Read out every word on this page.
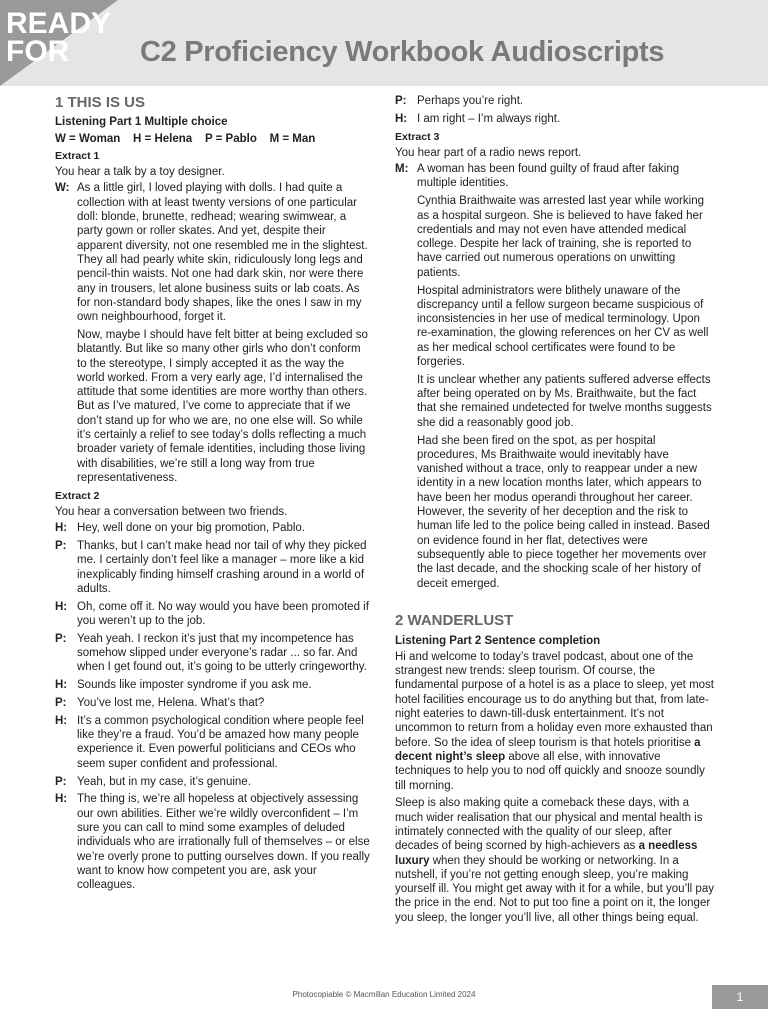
READY
FOR	C2 Proficiency Workbook Audioscripts
1 THIS IS US
Listening Part 1 Multiple choice
W = Woman    H = Helena    P = Pablo    M = Man
Extract 1
You hear a talk by a toy designer.
W: As a little girl, I loved playing with dolls. I had quite a collection with at least twenty versions of one particular doll: blonde, brunette, redhead; wearing swimwear, a party gown or roller skates. And yet, despite their apparent diversity, not one resembled me in the slightest. They all had pearly white skin, ridiculously long legs and pencil-thin waists. Not one had dark skin, nor were there any in trousers, let alone business suits or lab coats. As for non-standard body shapes, like the ones I saw in my own neighbourhood, forget it.
Now, maybe I should have felt bitter at being excluded so blatantly. But like so many other girls who don’t conform to the stereotype, I simply accepted it as the way the world worked. From a very early age, I’d internalised the attitude that some identities are more worthy than others. But as I’ve matured, I’ve come to appreciate that if we don’t stand up for who we are, no one else will. So while it’s certainly a relief to see today’s dolls reflecting a much broader variety of female identities, including those living with disabilities, we’re still a long way from true representativeness.
Extract 2
You hear a conversation between two friends.
H: Hey, well done on your big promotion, Pablo.
P: Thanks, but I can’t make head nor tail of why they picked me. I certainly don’t feel like a manager – more like a kid inexplicably finding himself crashing around in a world of adults.
H: Oh, come off it. No way would you have been promoted if you weren’t up to the job.
P: Yeah yeah. I reckon it’s just that my incompetence has somehow slipped under everyone’s radar ... so far. And when I get found out, it’s going to be utterly cringeworthy.
H: Sounds like imposter syndrome if you ask me.
P: You’ve lost me, Helena. What’s that?
H: It’s a common psychological condition where people feel like they’re a fraud. You’d be amazed how many people experience it. Even powerful politicians and CEOs who seem super confident and professional.
P: Yeah, but in my case, it’s genuine.
H: The thing is, we’re all hopeless at objectively assessing our own abilities. Either we’re wildly overconfident – I’m sure you can call to mind some examples of deluded individuals who are irrationally full of themselves – or else we’re overly prone to putting ourselves down. If you really want to know how competent you are, ask your colleagues.
P: Perhaps you’re right.
H: I am right – I’m always right.
Extract 3
You hear part of a radio news report.
M: A woman has been found guilty of fraud after faking multiple identities.
Cynthia Braithwaite was arrested last year while working as a hospital surgeon. She is believed to have faked her credentials and may not even have attended medical college. Despite her lack of training, she is reported to have carried out numerous operations on unwitting patients.
Hospital administrators were blithely unaware of the discrepancy until a fellow surgeon became suspicious of inconsistencies in her use of medical terminology. Upon re-examination, the glowing references on her CV as well as her medical school certificates were found to be forgeries.
It is unclear whether any patients suffered adverse effects after being operated on by Ms. Braithwaite, but the fact that she remained undetected for twelve months suggests she did a reasonably good job.
Had she been fired on the spot, as per hospital procedures, Ms Braithwaite would inevitably have vanished without a trace, only to reappear under a new identity in a new location months later, which appears to have been her modus operandi throughout her career. However, the severity of her deception and the risk to human life led to the police being called in instead. Based on evidence found in her flat, detectives were subsequently able to piece together her movements over the last decade, and the shocking scale of her history of deceit emerged.
2 WANDERLUST
Listening Part 2 Sentence completion
Hi and welcome to today’s travel podcast, about one of the strangest new trends: sleep tourism. Of course, the fundamental purpose of a hotel is as a place to sleep, yet most hotel facilities encourage us to do anything but that, from late-night eateries to dawn-till-dusk entertainment. It’s not uncommon to return from a holiday even more exhausted than before. So the idea of sleep tourism is that hotels prioritise a decent night’s sleep above all else, with innovative techniques to help you to nod off quickly and snooze soundly till morning.
Sleep is also making quite a comeback these days, with a much wider realisation that our physical and mental health is intimately connected with the quality of our sleep, after decades of being scorned by high-achievers as a needless luxury when they should be working or networking. In a nutshell, if you’re not getting enough sleep, you’re making yourself ill. You might get away with it for a while, but you’ll pay the price in the end. Not to put too fine a point on it, the longer you sleep, the longer you’ll live, all other things being equal.
Photocopiable © Macmillan Education Limited 2024	1
